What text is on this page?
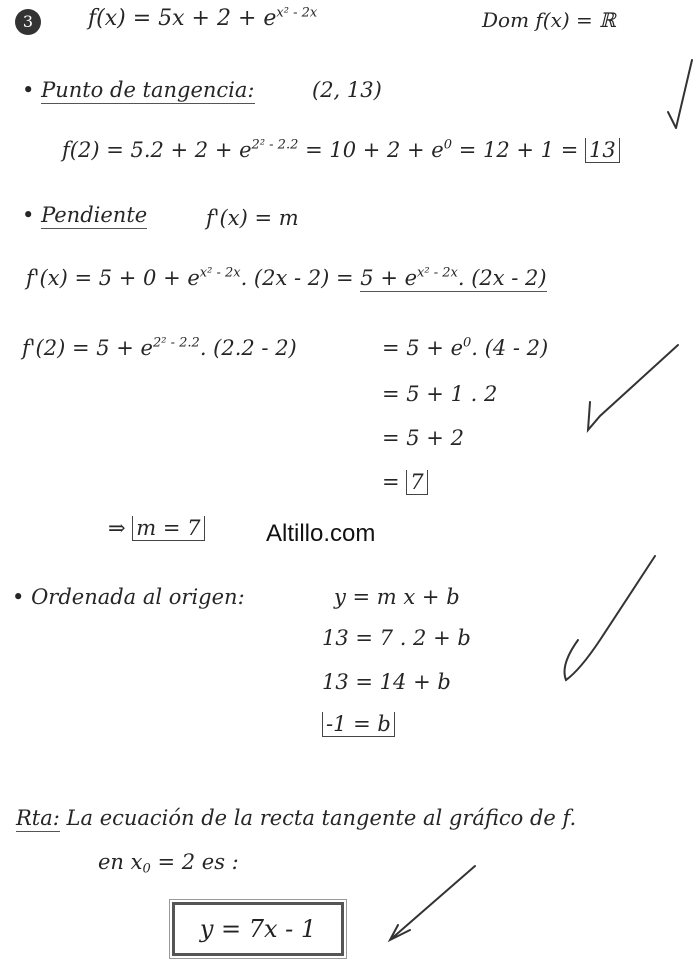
3	$f(x) = 5x + 2 + e^{x^2 - 2x}$	Dom f(x) = ℝ
• Punto de tangencia:	(2, 13)
$f(2) = 5.2 + 2 + e^{2^2 - 2.2} = 10 + 2 + e^0 = 12 + 1 = 13$
• Pendiente	f'(x) = m
$f'(x) = 5 + 0 + e^{x^2 - 2x}$. $(2x - 2) = 5 + e^{x^2 - 2x}$. (2x - 2)
$f'(2) = 5 + e^{2^2 - 2.2}$. (2.2 - 2)	= $5 + e^0$. (4 - 2)
= 5 + 1 . 2
= 5 + 2
= 7
⇒ m = 7	Altillo.com
• Ordenada al origen:	y = m x + b
13 = 7 . 2 + b
13 = 14 + b
-1 = b
Rta: La ecuación de la recta tangente al gráfico de f.
en $x_0 = 2$ es :
y = 7x - 1
